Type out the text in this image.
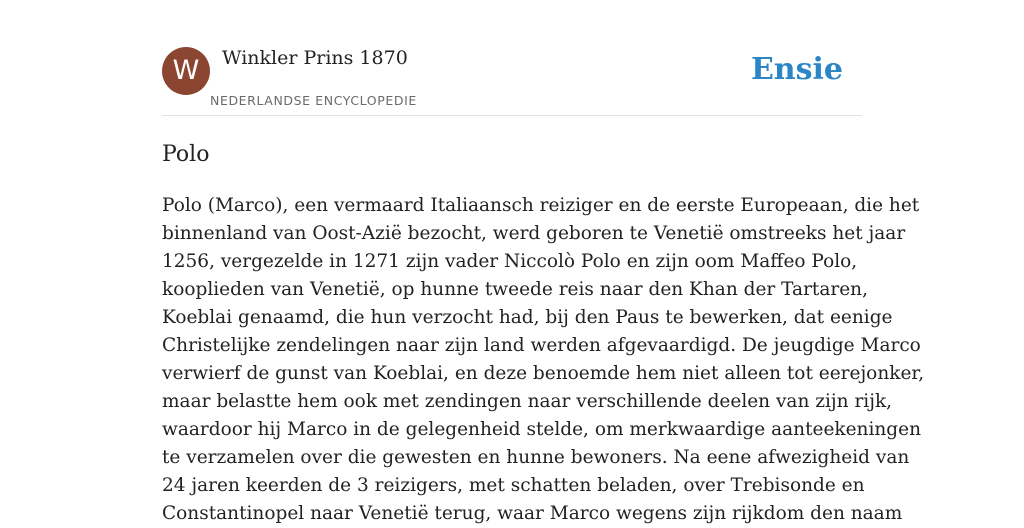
W	Winkler Prins 1870
NEDERLANDSE ENCYCLOPEDIE
Ensie
Polo
Polo (Marco), een vermaard Italiaansch reiziger en de eerste Europeaan, die het
binnenland van Oost-Azië bezocht, werd geboren te Venetië omstreeks het jaar
1256, vergezelde in 1271 zijn vader Niccolò Polo en zijn oom Maffeo Polo,
kooplieden van Venetië, op hunne tweede reis naar den Khan der Tartaren,
Koeblai genaamd, die hun verzocht had, bij den Paus te bewerken, dat eenige
Christelijke zendelingen naar zijn land werden afgevaardigd. De jeugdige Marco
verwierf de gunst van Koeblai, en deze benoemde hem niet alleen tot eerejonker,
maar belastte hem ook met zendingen naar verschillende deelen van zijn rijk,
waardoor hij Marco in de gelegenheid stelde, om merkwaardige aanteekeningen
te verzamelen over die gewesten en hunne bewoners. Na eene afwezigheid van
24 jaren keerden de 3 reizigers, met schatten beladen, over Trebisonde en
Constantinopel naar Venetië terug, waar Marco wegens zijn rijkdom den naam
